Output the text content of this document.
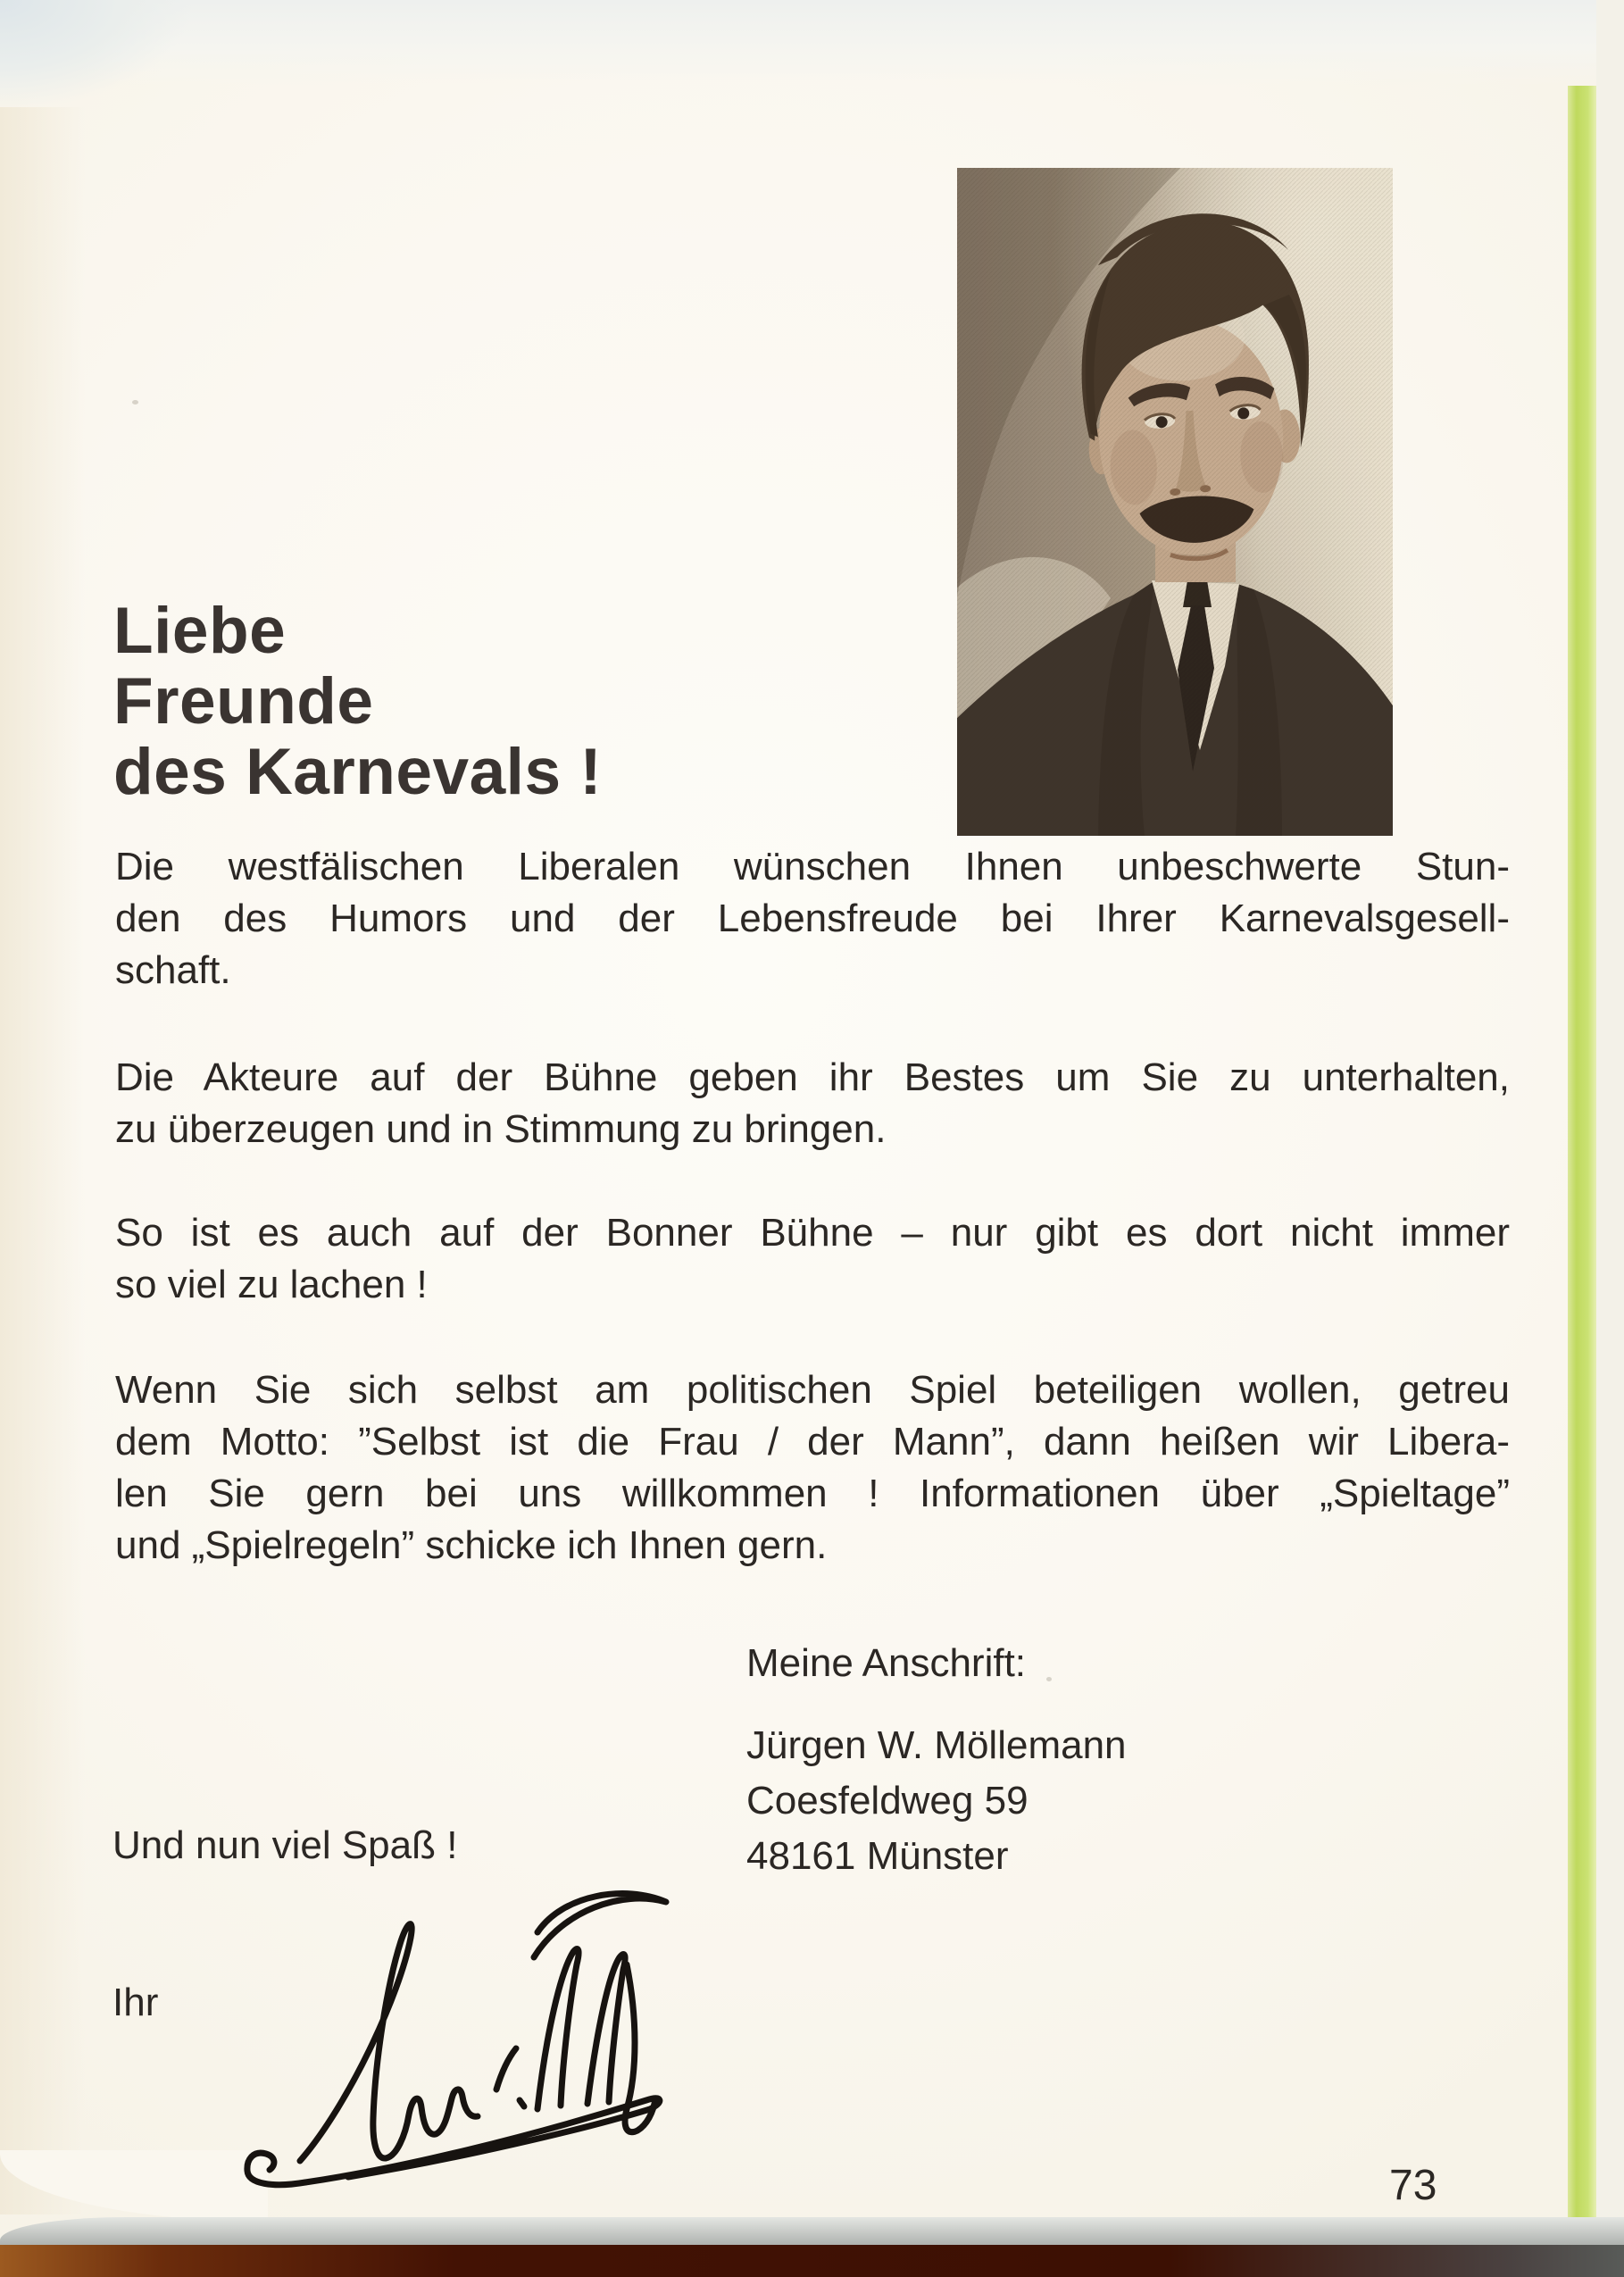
Liebe
Freunde
des Karnevals !
Die westfälischen Liberalen wünschen Ihnen unbeschwerte Stun-
den des Humors und der Lebensfreude bei Ihrer Karnevalsgesell-
schaft.
Die Akteure auf der Bühne geben ihr Bestes um Sie zu unterhalten,
zu überzeugen und in Stimmung zu bringen.
So ist es auch auf der Bonner Bühne – nur gibt es dort nicht immer
so viel zu lachen !
Wenn Sie sich selbst am politischen Spiel beteiligen wollen, getreu
dem Motto: ”Selbst ist die Frau / der Mann”, dann heißen wir Libera-
len Sie gern bei uns willkommen ! Informationen über „Spieltage”
und „Spielregeln” schicke ich Ihnen gern.
Meine Anschrift:
Jürgen W. Möllemann
Coesfeldweg 59
48161 Münster
Und nun viel Spaß !
Ihr
73
